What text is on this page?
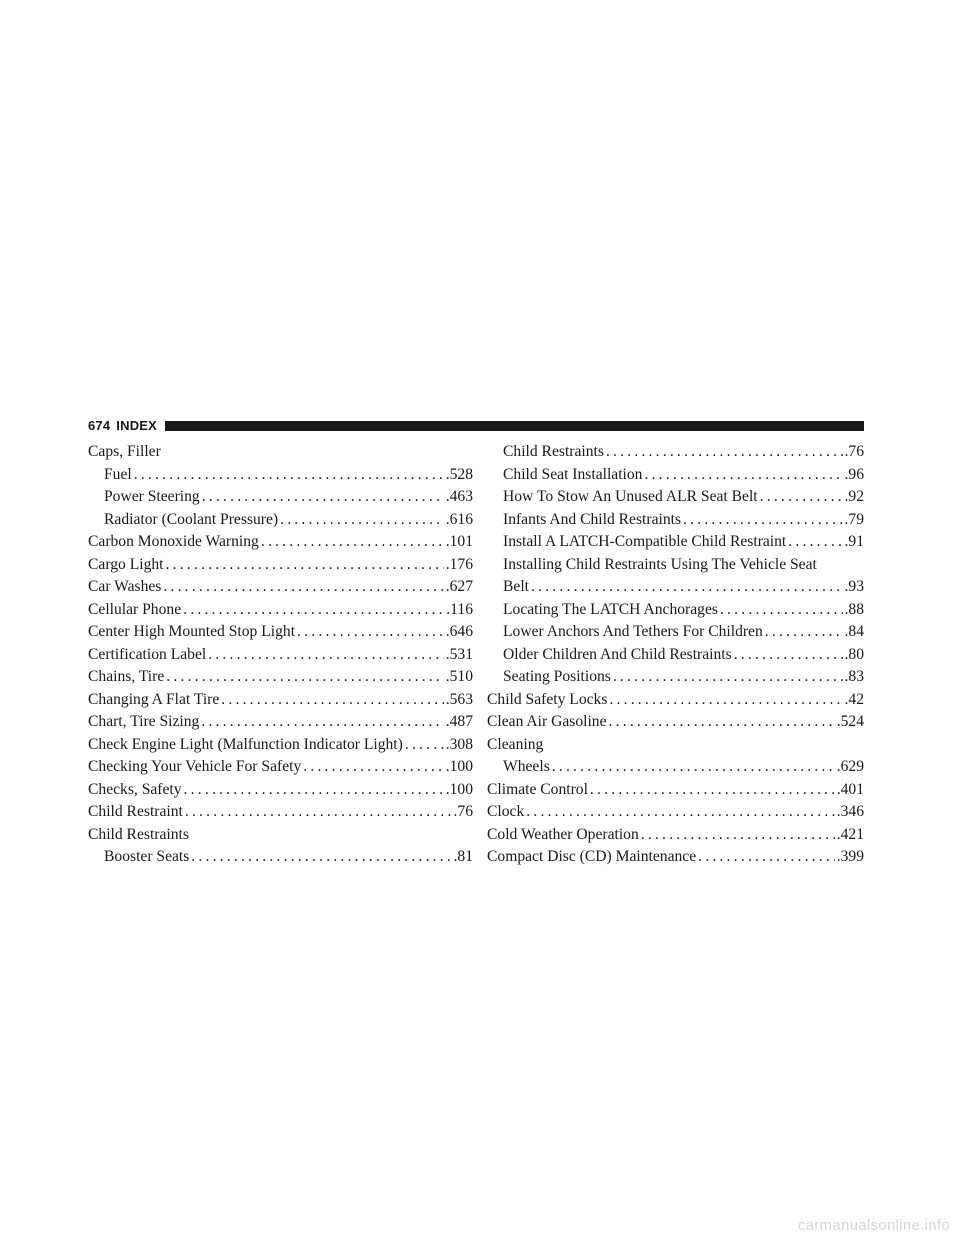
674 INDEX
Caps, Filler
Fuel .....	.528
Power Steering .....	.463
Radiator (Coolant Pressure) .....	.616
Carbon Monoxide Warning .....	.101
Cargo Light .....	.176
Car Washes .....	.627
Cellular Phone .....	.116
Center High Mounted Stop Light .....	.646
Certification Label .....	.531
Chains, Tire .....	.510
Changing A Flat Tire .....	.563
Chart, Tire Sizing .....	.487
Check Engine Light (Malfunction Indicator Light) .....	.308
Checking Your Vehicle For Safety .....	.100
Checks, Safety .....	.100
Child Restraint .....	.76
Child Restraints
Booster Seats .....	.81
Child Restraints .....	.76
Child Seat Installation .....	.96
How To Stow An Unused ALR Seat Belt .....	.92
Infants And Child Restraints .....	.79
Install A LATCH-Compatible Child Restraint .....	.91
Installing Child Restraints Using The Vehicle Seat
Belt .....	.93
Locating The LATCH Anchorages .....	.88
Lower Anchors And Tethers For Children .....	.84
Older Children And Child Restraints .....	.80
Seating Positions .....	.83
Child Safety Locks .....	.42
Clean Air Gasoline .....	.524
Cleaning
Wheels .....	.629
Climate Control .....	.401
Clock .....	.346
Cold Weather Operation .....	.421
Compact Disc (CD) Maintenance .....	.399
carmanualsonline.info
